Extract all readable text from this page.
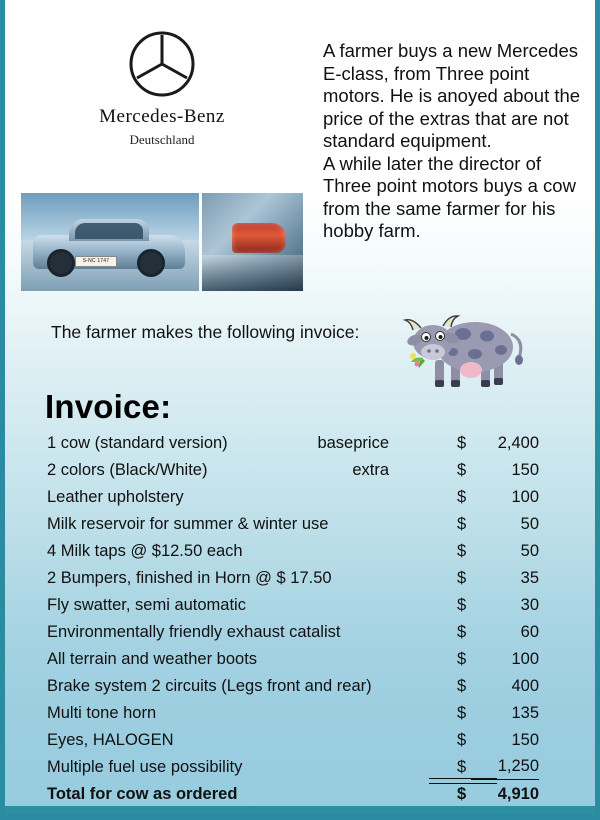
Mercedes-Benz
Deutschland

A farmer buys a new Mercedes E-class, from Three point motors. He is anoyed about the price of the extras that are not standard equipment.

A while later the director of Three point motors buys a cow from the same farmer for his hobby farm.

S-NC 1747
The farmer makes the following invoice:
Invoice:
1 cow (standard version)	baseprice	$	2,400
2 colors (Black/White)	extra	$	150
Leather upholstery	$	100
Milk reservoir for summer & winter use	$	50
4 Milk taps @ $12.50 each	$	50
2 Bumpers, finished in Horn @ $ 17.50	$	35
Fly swatter, semi automatic	$	30
Environmentally friendly exhaust catalist	$	60
All terrain and weather boots	$	100
Brake system 2 circuits (Legs front and rear)	$	400
Multi tone horn	$	135
Eyes, HALOGEN	$	150
Multiple fuel use possibility	$	1,250
Total for cow as ordered	$	4,910
